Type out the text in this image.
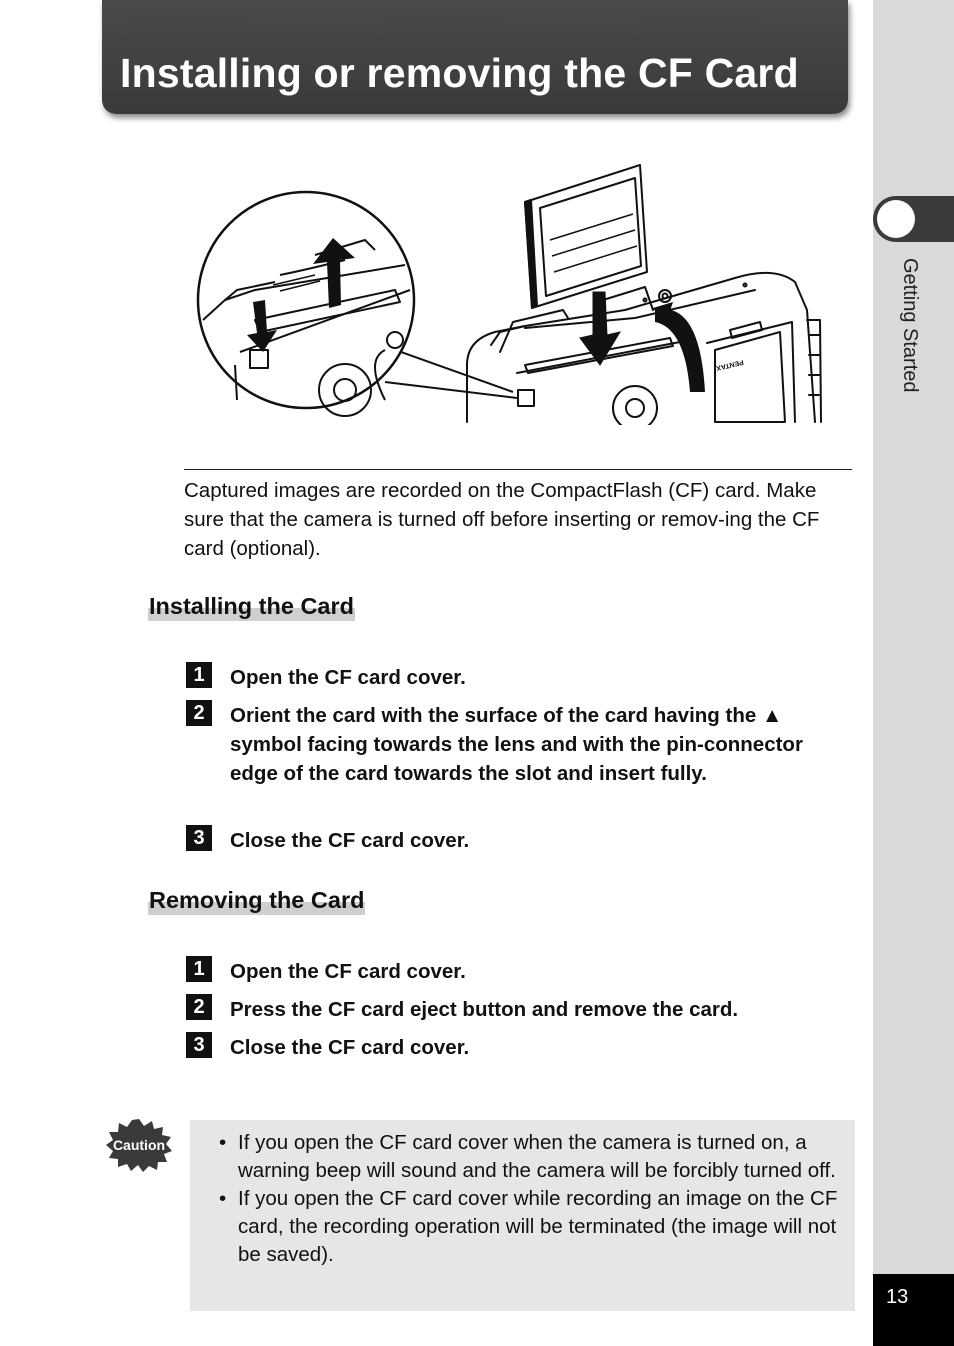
Installing or removing the CF Card
Getting Started
13
PENTAX

Captured images are recorded on the CompactFlash (CF) card. Make sure that the camera is turned off before inserting or remov-ing the CF card (optional).

Installing the Card
1	Open the CF card cover.

2	Orient the card with the surface of the card having the ▲ symbol facing towards the lens and with the pin-connector edge of the card towards the slot and insert fully.

3	Close the CF card cover.

Removing the Card
1	Open the CF card cover.

2	Press the CF card eject button and remove the card.

3	Close the CF card cover.

Caution
•	If you open the CF card cover when the camera is turned on, a warning beep will sound and the camera will be forcibly turned off.
• If you open the CF card cover while recording an image on the CF card, the recording operation will be terminated (the image will not be saved).
